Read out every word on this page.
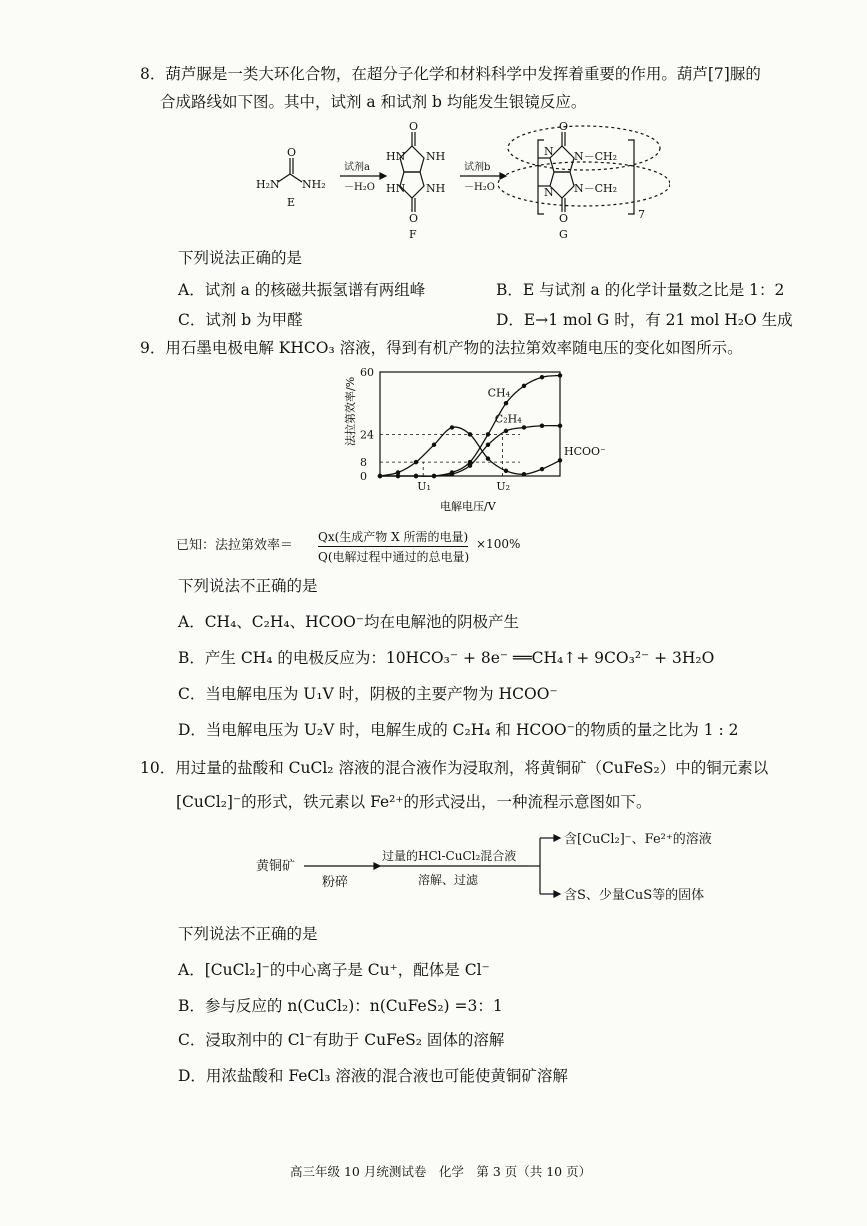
8．葫芦脲是一类大环化合物，在超分子化学和材料科学中发挥着重要的作用。葫芦[7]脲的
合成路线如下图。其中，试剂 a 和试剂 b 均能发生银镜反应。
H₂N NH₂
O
E
试剂a
－H₂O
O
HN NH
HN NH
O
F
试剂b
－H₂O
O
N N－CH₂
N N－CH₂
O
G
7
下列说法正确的是
A．试剂 a 的核磁共振氢谱有两组峰	B．E 与试剂 a 的化学计量数之比是 1：2
C．试剂 b 为甲醛	D．E→1 mol G 时，有 21 mol H₂O 生成
9．用石墨电极电解 KHCO₃ 溶液，得到有机产物的法拉第效率随电压的变化如图所示。
0
8
24
60
U₁	U₂
CH₄
C₂H₄
HCOO⁻
法拉第效率/%
电解电压/V
已知：法拉第效率＝
Qx(生成产物 X 所需的电量)
Q(电解过程中通过的总电量)
×100%
下列说法不正确的是
A．CH₄、C₂H₄、HCOO⁻均在电解池的阴极产生
B．产生 CH₄ 的电极反应为：10HCO₃⁻ + 8e⁻ ══CH₄↑+ 9CO₃²⁻ + 3H₂O
C．当电解电压为 U₁V 时，阴极的主要产物为 HCOO⁻
D．当电解电压为 U₂V 时，电解生成的 C₂H₄ 和 HCOO⁻的物质的量之比为 1 : 2
10．用过量的盐酸和 CuCl₂ 溶液的混合液作为浸取剂，将黄铜矿（CuFeS₂）中的铜元素以
[CuCl₂]⁻的形式，铁元素以 Fe²⁺的形式浸出，一种流程示意图如下。
黄铜矿
粉碎
过量的HCl-CuCl₂混合液
溶解、过滤
含[CuCl₂]⁻、Fe²⁺的溶液
含S、少量CuS等的固体
下列说法不正确的是
A．[CuCl₂]⁻的中心离子是 Cu⁺，配体是 Cl⁻
B．参与反应的 n(CuCl₂)：n(CuFeS₂) =3：1
C．浸取剂中的 Cl⁻有助于 CuFeS₂ 固体的溶解
D．用浓盐酸和 FeCl₃ 溶液的混合液也可能使黄铜矿溶解
高三年级 10 月统测试卷　化学　第 3 页（共 10 页）
